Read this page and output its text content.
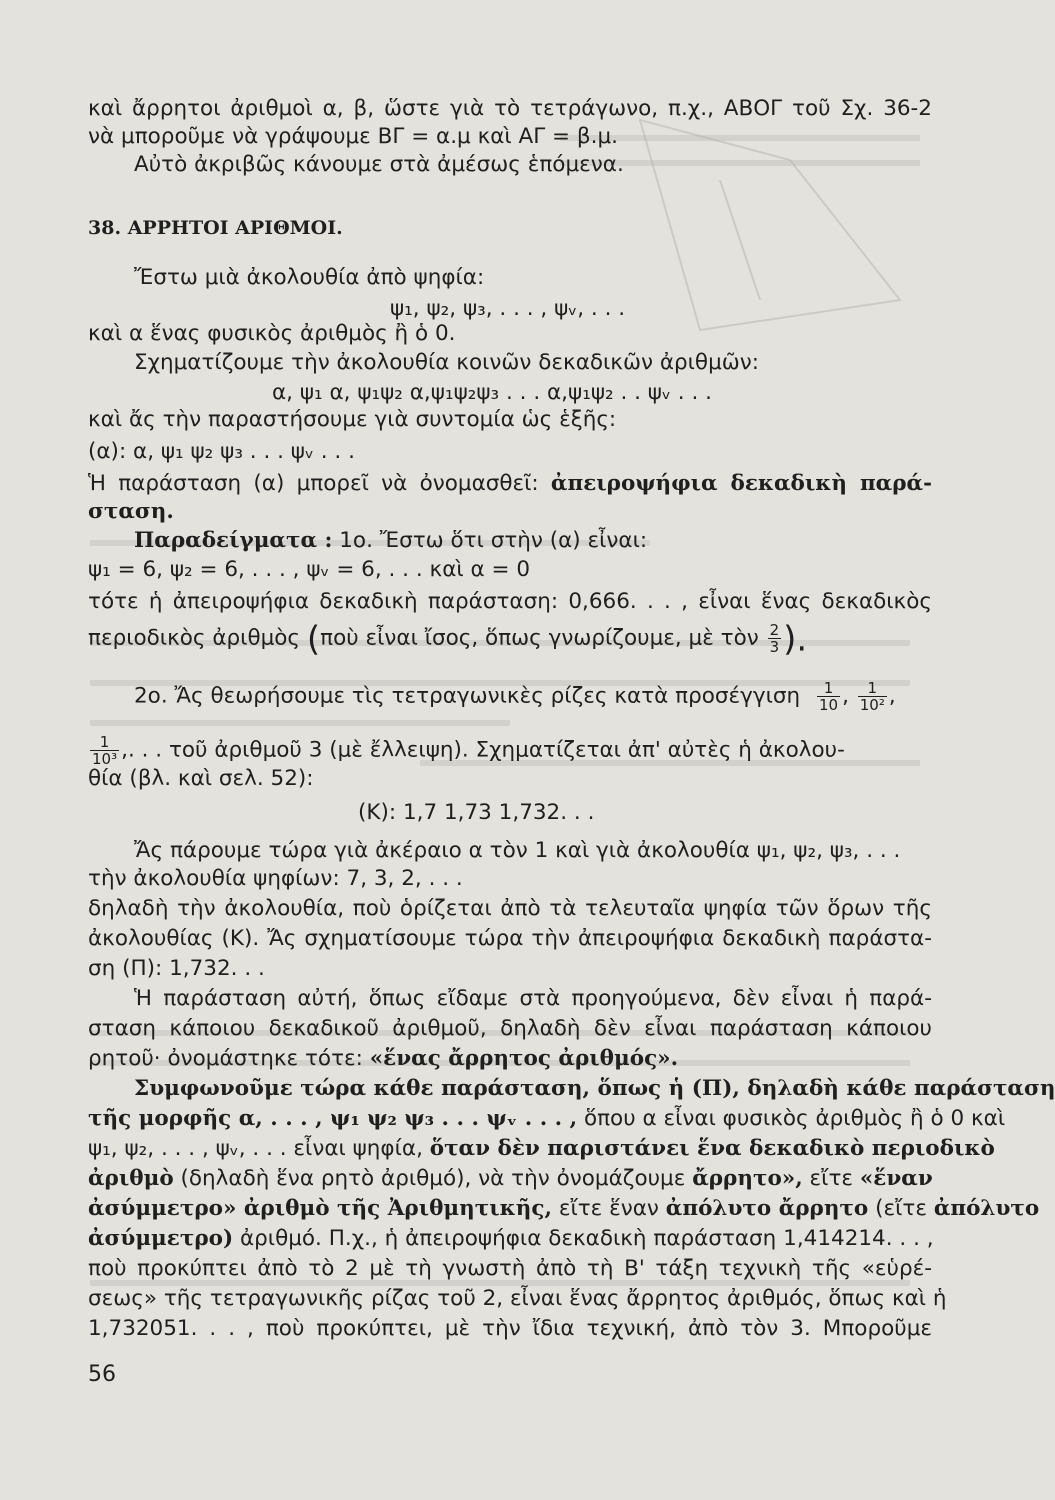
καὶ ἄρρητοι ἀριθμοὶ α, β, ὥστε γιὰ τὸ τετράγωνο, π.χ., ΑΒΟΓ τοῦ Σχ. 36-2
νὰ μποροῦμε νὰ γράψουμε ΒΓ = α.μ καὶ ΑΓ = β.μ.
Αὐτὸ ἀκριβῶς κάνουμε στὰ ἀμέσως ἑπόμενα.
38. ΑΡΡΗΤΟΙ ΑΡΙΘΜΟΙ.
Ἔστω μιὰ ἀκολουθία ἀπὸ ψηφία:
ψ₁, ψ₂, ψ₃, . . . , ψᵥ, . . .
καὶ α ἕνας φυσικὸς ἀριθμὸς ἢ ὁ 0.
Σχηματίζουμε τὴν ἀκολουθία κοινῶν δεκαδικῶν ἀριθμῶν:
α, ψ₁ α, ψ₁ψ₂ α,ψ₁ψ₂ψ₃ . . . α,ψ₁ψ₂ . . ψᵥ . . .
καὶ ἄς τὴν παραστήσουμε γιὰ συντομία ὡς ἑξῆς:
(α): α, ψ₁ ψ₂ ψ₃ . . . ψᵥ . . .
Ἡ παράσταση (α) μπορεῖ νὰ ὀνομασθεῖ: ἀπειροψήφια δεκαδικὴ παρά-
σταση.
Παραδείγματα : 1ο. Ἔστω ὅτι στὴν (α) εἶναι:
ψ₁ = 6, ψ₂ = 6, . . . , ψᵥ = 6, . . . καὶ α = 0
τότε ἡ ἀπειροψήφια δεκαδικὴ παράσταση: 0,666. . . , εἶναι ἕνας δεκαδικὸς
περιοδικὸς ἀριθμὸς (ποὺ εἶναι ἴσος, ὅπως γνωρίζουμε, μὲ τὸν $\frac{2}{3}$ ).
2ο. Ἄς θεωρήσουμε τὶς τετραγωνικὲς ρίζες κατὰ προσέγγιση $\frac{1}{10}$ , $\frac{1}{\text{10²}}$ ,
$\frac{1}{\text{10³}}$ ,. . . τοῦ ἀριθμοῦ 3 (μὲ ἔλλειψη). Σχηματίζεται ἀπ' αὐτὲς ἡ ἀκολου-
θία (βλ. καὶ σελ. 52):
(Κ): 1,7 1,73 1,732. . .
Ἄς πάρουμε τώρα γιὰ ἀκέραιο α τὸν 1 καὶ γιὰ ἀκολουθία ψ₁, ψ₂, ψ₃, . . .
τὴν ἀκολουθία ψηφίων: 7, 3, 2, . . .
δηλαδὴ τὴν ἀκολουθία, ποὺ ὁρίζεται ἀπὸ τὰ τελευταῖα ψηφία τῶν ὅρων τῆς
ἀκολουθίας (Κ). Ἄς σχηματίσουμε τώρα τὴν ἀπειροψήφια δεκαδικὴ παράστα-
ση (Π): 1,732. . .
Ἡ παράσταση αὐτή, ὅπως εἴδαμε στὰ προηγούμενα, δὲν εἶναι ἡ παρά-
σταση κάποιου δεκαδικοῦ ἀριθμοῦ, δηλαδὴ δὲν εἶναι παράσταση κάποιου
ρητοῦ· ὀνομάστηκε τότε: «ἕνας ἄρρητος ἀριθμός».
Συμφωνοῦμε τώρα κάθε παράσταση, ὅπως ἡ (Π), δηλαδὴ κάθε παράσταση
τῆς μορφῆς α, . . . , ψ₁ ψ₂ ψ₃ . . . ψᵥ . . . , ὅπου α εἶναι φυσικὸς ἀριθμὸς ἢ ὁ 0 καὶ
ψ₁, ψ₂, . . . , ψᵥ, . . . εἶναι ψηφία, ὅταν δὲν παριστάνει ἕνα δεκαδικὸ περιοδικὸ
ἀριθμὸ (δηλαδὴ ἕνα ρητὸ ἀριθμό), νὰ τὴν ὀνομάζουμε ἄρρητο», εἴτε «ἕναν
ἀσύμμετρο» ἀριθμὸ τῆς Ἀριθμητικῆς, εἴτε ἕναν ἀπόλυτο ἄρρητο (εἴτε ἀπόλυτο
ἀσύμμετρο) ἀριθμό. Π.χ., ἡ ἀπειροψήφια δεκαδικὴ παράσταση 1,414214. . . ,
ποὺ προκύπτει ἀπὸ τὸ 2 μὲ τὴ γνωστὴ ἀπὸ τὴ Β' τάξη τεχνικὴ τῆς «εὑρέ-
σεως» τῆς τετραγωνικῆς ρίζας τοῦ 2, εἶναι ἕνας ἄρρητος ἀριθμός, ὅπως καὶ ἡ
1,732051. . . , ποὺ προκύπτει, μὲ τὴν ἴδια τεχνική, ἀπὸ τὸν 3. Μποροῦμε
56
